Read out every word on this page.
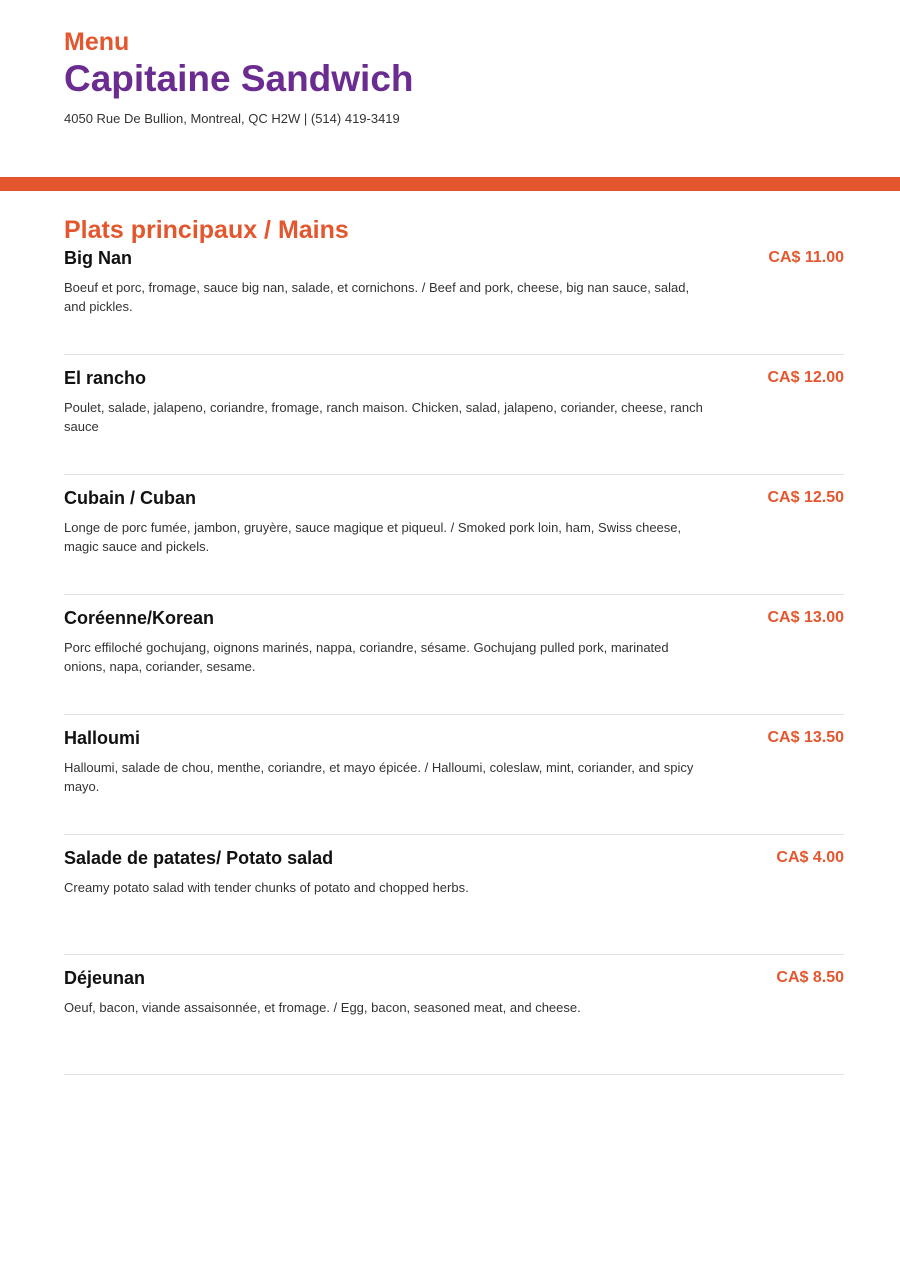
Menu
Capitaine Sandwich

4050 Rue De Bullion, Montreal, QC H2W | (514) 419-3419

Plats principaux / Mains
Big Nan	CA$ 11.00

Boeuf et porc, fromage, sauce big nan, salade, et cornichons. / Beef and pork, cheese, big nan sauce, salad, and pickles.

El rancho	CA$ 12.00

Poulet, salade, jalapeno, coriandre, fromage, ranch maison. Chicken, salad, jalapeno, coriander, cheese, ranch sauce

Cubain / Cuban	CA$ 12.50

Longe de porc fumée, jambon, gruyère, sauce magique et piqueul. / Smoked pork loin, ham, Swiss cheese, magic sauce and pickels.

Coréenne/Korean	CA$ 13.00

Porc effiloché gochujang, oignons marinés, nappa, coriandre, sésame. Gochujang pulled pork, marinated onions, napa, coriander, sesame.

Halloumi	CA$ 13.50

Halloumi, salade de chou, menthe, coriandre, et mayo épicée. / Halloumi, coleslaw, mint, coriander, and spicy mayo.

Salade de patates/ Potato salad	CA$ 4.00

Creamy potato salad with tender chunks of potato and chopped herbs.

Déjeunan	CA$ 8.50

Oeuf, bacon, viande assaisonnée, et fromage. / Egg, bacon, seasoned meat, and cheese.
